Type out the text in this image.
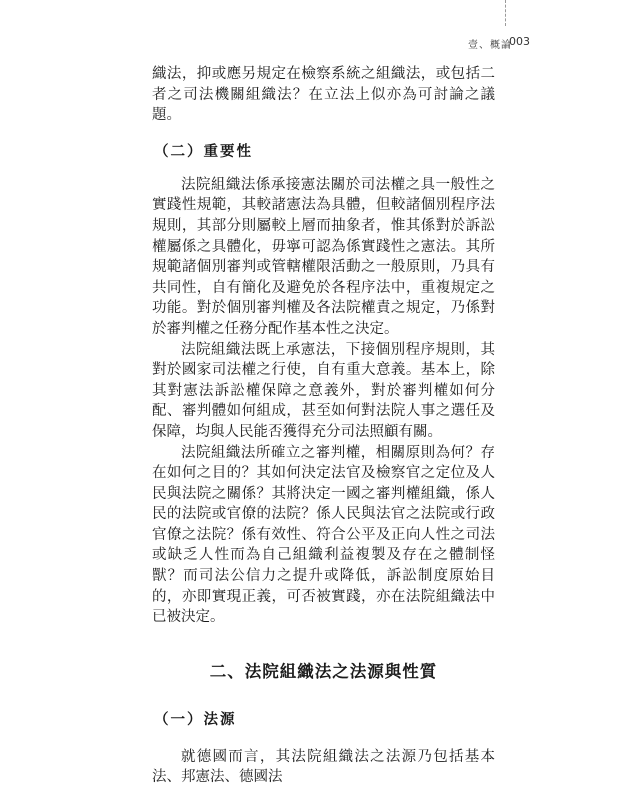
壹、概論
003

織法，抑或應另規定在檢察系統之組織法，或包括二者之司法機關組織法？在立法上似亦為可討論之議題。

（二）重要性

法院組織法係承接憲法關於司法權之具一般性之實踐性規範，其較諸憲法為具體，但較諸個別程序法規則，其部分則屬較上層而抽象者，惟其係對於訴訟權屬係之具體化，毋寧可認為係實踐性之憲法。其所規範諸個別審判或管轄權限活動之一般原則，乃具有共同性，自有簡化及避免於各程序法中，重複規定之功能。對於個別審判權及各法院權責之規定，乃係對於審判權之任務分配作基本性之決定。

法院組織法既上承憲法，下接個別程序規則，其對於國家司法權之行使，自有重大意義。基本上，除其對憲法訴訟權保障之意義外，對於審判權如何分配、審判體如何組成，甚至如何對法院人事之選任及保障，均與人民能否獲得充分司法照顧有關。

法院組織法所確立之審判權，相關原則為何？存在如何之目的？其如何決定法官及檢察官之定位及人民與法院之關係？其將決定一國之審判權組織，係人民的法院或官僚的法院？係人民與法官之法院或行政官僚之法院？係有效性、符合公平及正向人性之司法或缺乏人性而為自己組織利益複製及存在之體制怪獸？而司法公信力之提升或降低，訴訟制度原始目的，亦即實現正義，可否被實踐，亦在法院組織法中已被決定。

二、法院組織法之法源與性質
（一）法源

就德國而言，其法院組織法之法源乃包括基本法、邦憲法、德國法
